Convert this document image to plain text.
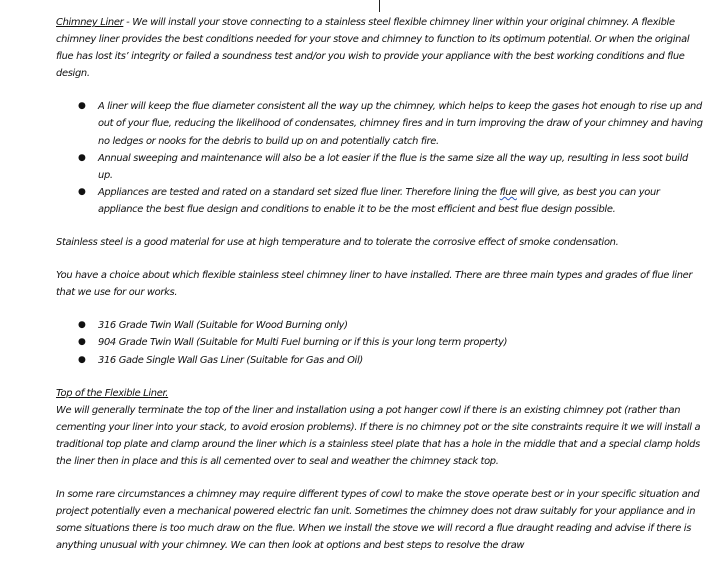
Chimney Liner - We will install your stove connecting to a stainless steel flexible chimney liner within your original chimney. A flexible chimney liner provides the best conditions needed for your stove and chimney to function to its optimum potential. Or when the original flue has lost its’ integrity or failed a soundness test and/or you wish to provide your appliance with the best working conditions and flue design.

● A liner will keep the flue diameter consistent all the way up the chimney, which helps to keep the gases hot enough to rise up and out of your flue, reducing the likelihood of condensates, chimney fires and in turn improving the draw of your chimney and having no ledges or nooks for the debris to build up on and potentially catch fire.
● Annual sweeping and maintenance will also be a lot easier if the flue is the same size all the way up, resulting in less soot build up.
● Appliances are tested and rated on a standard set sized flue liner. Therefore lining the flue will give, as best you can your appliance the best flue design and conditions to enable it to be the most efficient and best flue design possible.

Stainless steel is a good material for use at high temperature and to tolerate the corrosive effect of smoke condensation.

You have a choice about which flexible stainless steel chimney liner to have installed. There are three main types and grades of flue liner that we use for our works.

● 316 Grade Twin Wall (Suitable for Wood Burning only)
● 904 Grade Twin Wall (Suitable for Multi Fuel burning or if this is your long term property)
● 316 Gade Single Wall Gas Liner (Suitable for Gas and Oil)

Top of the Flexible Liner.
We will generally terminate the top of the liner and installation using a pot hanger cowl if there is an existing chimney pot (rather than cementing your liner into your stack, to avoid erosion problems). If there is no chimney pot or the site constraints require it we will install a traditional top plate and clamp around the liner which is a stainless steel plate that has a hole in the middle that and a special clamp holds the liner then in place and this is all cemented over to seal and weather the chimney stack top.

In some rare circumstances a chimney may require different types of cowl to make the stove operate best or in your specific situation and project potentially even a mechanical powered electric fan unit. Sometimes the chimney does not draw suitably for your appliance and in some situations there is too much draw on the flue. When we install the stove we will record a flue draught reading and advise if there is anything unusual with your chimney. We can then look at options and best steps to resolve the draw
